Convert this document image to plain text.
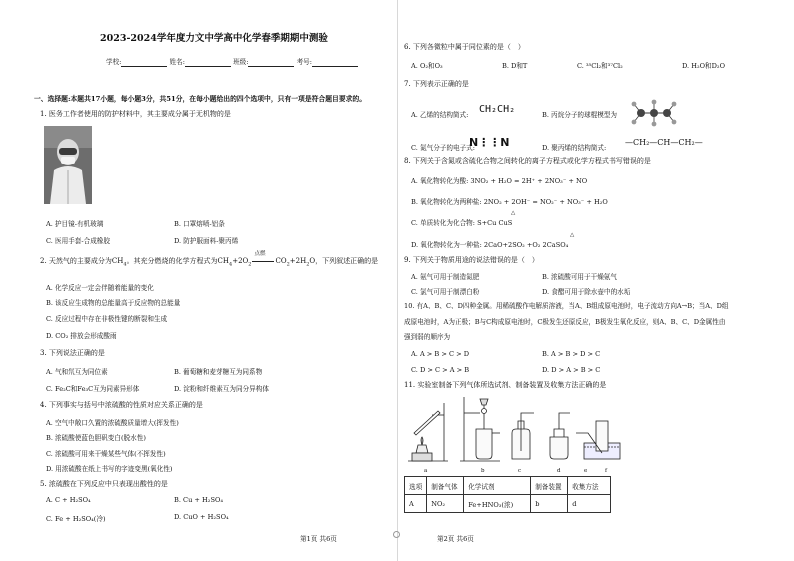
2023-2024学年度力文中学高中化学春季期期中测验
学校:	姓名:	班级:	考号:
一、选择题:本题共17小题，每小题3分，共51分，在每小题给出的四个选项中，只有一项是符合题目要求的。
1. 医务工作者使用的防护材料中，其主要成分属于无机物的是
A. 护目镜-有机玻璃	B. 口罩熔喷-铝条
C. 医用手套-合成橡胶	D. 防护服面料-聚丙烯
2. 天然气的主要成分为$CH_4$。其充分燃烧的化学方程式为$CH_4+2O_2$
点燃
$CO_2+2H_2O$，下列叙述正确的是
A. 化学反应一定会伴随着能量的变化
B. 该反应生成物的总能量高于反应物的总能量
C. 反应过程中存在非极性键的断裂和生成
D. CO₂ 排放会形成酸雨
3. 下列说法正确的是
A. 气和氘互为同位素	B. 葡萄糖和麦芽糖互为同系物
C. Fe₂C和Fe₃C互为同素异形体	D. 淀粉和纤维素互为同分异构体
4. 下列事实与括号中浓硫酸的性质对应关系正确的是
A. 空气中敞口久置的浓硫酸质量增大(挥发性)
B. 浓硫酸使蓝色胆矾变白(脱水性)
C. 浓硫酸可用来干燥某些气体(不挥发性)
D. 用浓硫酸在纸上书写的字迹变黑(氧化性)
5. 浓硫酸在下列反应中只表现出酸性的是
A. C + H₂SO₄	B. Cu + H₂SO₄
C. Fe + H₂SO₄(冷)	D. CuO + H₂SO₄
第1页 共6页
6. 下列各微粒中属于同位素的是（　）
A. O₂和O₃	B. D和T	C. ³⁵Cl₂和³⁷Cl₂	D. H₂O和D₂O
7. 下列表示正确的是
A. 乙烯的结构简式: CH₂CH₂	B. 丙烷分子的球棍模型为
C. 氮气分子的电子式:
N⋮⋮N	D. 聚丙烯的结构简式:
—CH₂—CH—CH₂—
8. 下列关于含氮或含硫化合物之间转化的离子方程式或化学方程式书写错误的是
A. 氧化物转化为酸: 3NO₂ + H₂O = 2H⁺ + 2NO₃⁻ + NO
B. 氧化物转化为两种盐: 2NO₂ + 2OH⁻ = NO₂⁻ + NO₃⁻ + H₂O
C. 单质转化为化合物: S+Cu CuS
△
D. 氧化物转化为一种盐: 2CaO+2SO₂ +O₂ 2CaSO₄
△
9. 下列关于物质用途的说法错误的是（　）
A. 氨气可用于制造氮肥	B. 浓硫酸可用于干燥氨气
C. 氯气可用于制漂白粉	D. 食醋可用于除水壶中的水垢
10. 有A、B、C、D四种金属。用稀硫酸作电解质溶液，当A、B组成原电池时，电子流动方向A→B；当A、D组
成原电池时，A为正极；B与C构成原电池时，C极发生还原反应，B极发生氧化反应，则A、B、C、D金属性由
强到弱的顺序为
A. A > B > C > D	B. A > B > D > C
C. D > C > A > B	D. D > A > B > C
11. 实验室制备下列气体所选试剂、制备装置及收集方法正确的是
a	b	c	d	e	f
选项	制备气体	化学试剂	制备装置	收集方法
A	NO₂	Fe+HNO₃(浓)	b	d
第2页 共6页
